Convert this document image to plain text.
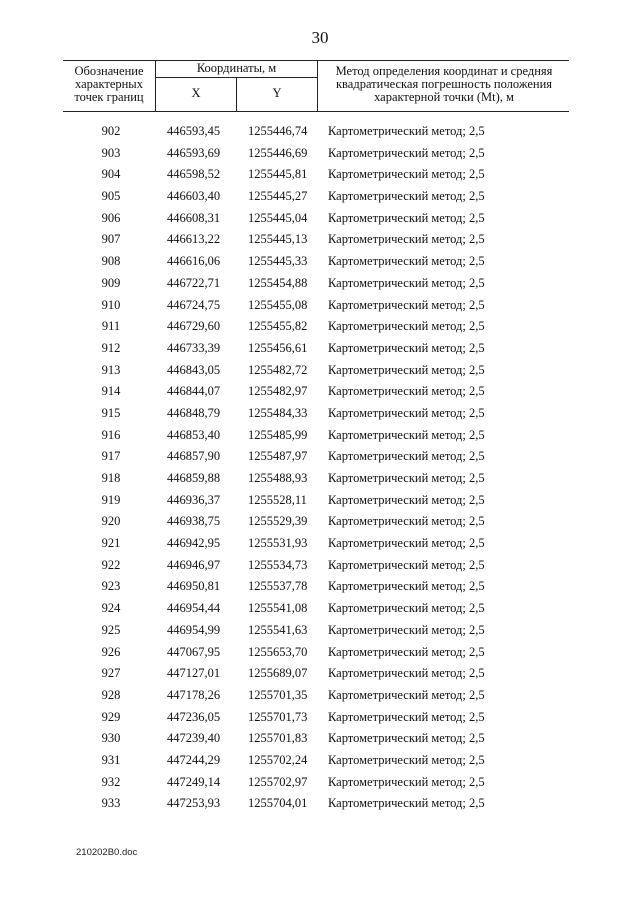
30
Обозначение характерных точек границ
Координаты, м
X	Y
Метод определения координат и средняя квадратическая погрешность положения характерной точки (Mt), м
902	446593,45	1255446,74	Картометрический метод; 2,5
903	446593,69	1255446,69	Картометрический метод; 2,5
904	446598,52	1255445,81	Картометрический метод; 2,5
905	446603,40	1255445,27	Картометрический метод; 2,5
906	446608,31	1255445,04	Картометрический метод; 2,5
907	446613,22	1255445,13	Картометрический метод; 2,5
908	446616,06	1255445,33	Картометрический метод; 2,5
909	446722,71	1255454,88	Картометрический метод; 2,5
910	446724,75	1255455,08	Картометрический метод; 2,5
911	446729,60	1255455,82	Картометрический метод; 2,5
912	446733,39	1255456,61	Картометрический метод; 2,5
913	446843,05	1255482,72	Картометрический метод; 2,5
914	446844,07	1255482,97	Картометрический метод; 2,5
915	446848,79	1255484,33	Картометрический метод; 2,5
916	446853,40	1255485,99	Картометрический метод; 2,5
917	446857,90	1255487,97	Картометрический метод; 2,5
918	446859,88	1255488,93	Картометрический метод; 2,5
919	446936,37	1255528,11	Картометрический метод; 2,5
920	446938,75	1255529,39	Картометрический метод; 2,5
921	446942,95	1255531,93	Картометрический метод; 2,5
922	446946,97	1255534,73	Картометрический метод; 2,5
923	446950,81	1255537,78	Картометрический метод; 2,5
924	446954,44	1255541,08	Картометрический метод; 2,5
925	446954,99	1255541,63	Картометрический метод; 2,5
926	447067,95	1255653,70	Картометрический метод; 2,5
927	447127,01	1255689,07	Картометрический метод; 2,5
928	447178,26	1255701,35	Картометрический метод; 2,5
929	447236,05	1255701,73	Картометрический метод; 2,5
930	447239,40	1255701,83	Картометрический метод; 2,5
931	447244,29	1255702,24	Картометрический метод; 2,5
932	447249,14	1255702,97	Картометрический метод; 2,5
933	447253,93	1255704,01	Картометрический метод; 2,5
210202B0.doc
